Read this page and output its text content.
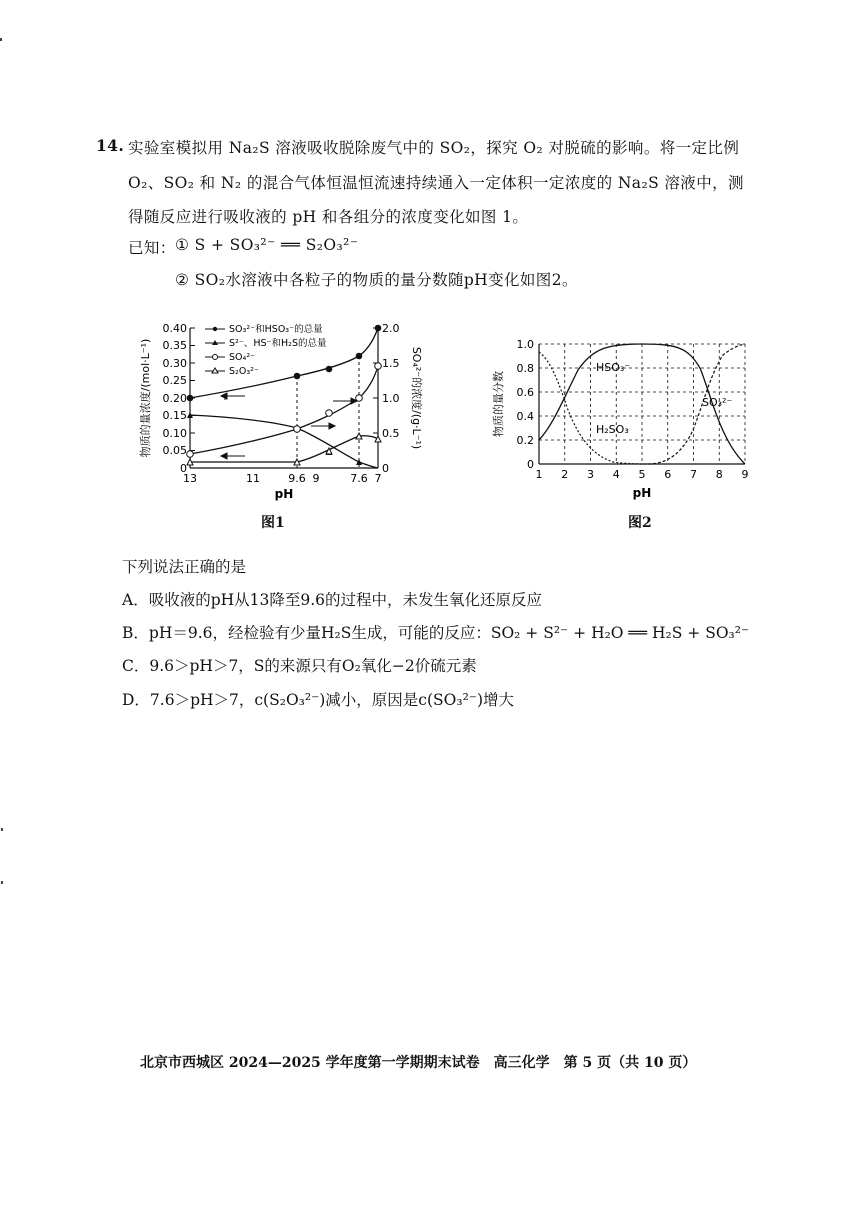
14. 实验室模拟用 Na₂S 溶液吸收脱除废气中的 SO₂，探究 O₂ 对脱硫的影响。将一定比例
O₂、SO₂ 和 N₂ 的混合气体恒温恒流速持续通入一定体积一定浓度的 Na₂S 溶液中，测
得随反应进行吸收液的 pH 和各组分的浓度变化如图 1。
已知： ① S + SO₃²⁻ ══ S₂O₃²⁻
② SO₂水溶液中各粒子的物质的量分数随pH变化如图2。
0
0.05
0.10
0.15
0.20
0.25
0.30
0.35
0.40
0
0.5
1.0
1.5
2.0
13	11	9.6 9	7.6 7
pH
物质的量浓度/(mol·L⁻¹)	SO₄²⁻的浓度/(g·L⁻¹)
SO₃²⁻和HSO₃⁻的总量
S²⁻、HS⁻和H₂S的总量
SO₄²⁻
S₂O₃²⁻
图1
HSO₃⁻
SO₃²⁻
H₂SO₃
0
0.2
0.4
0.6
0.8
1.0
1 2 3 4 5 6 7 8 9
pH
物质的量分数
图2
下列说法正确的是
A．吸收液的pH从13降至9.6的过程中，未发生氧化还原反应
B．pH＝9.6，经检验有少量H₂S生成，可能的反应：SO₂ + S²⁻ + H₂O ══ H₂S + SO₃²⁻
C．9.6＞pH＞7，S的来源只有O₂氧化−2价硫元素
D．7.6＞pH＞7，c(S₂O₃²⁻)减小，原因是c(SO₃²⁻)增大
北京市西城区 2024—2025 学年度第一学期期末试卷　高三化学　第 5 页（共 10 页）
